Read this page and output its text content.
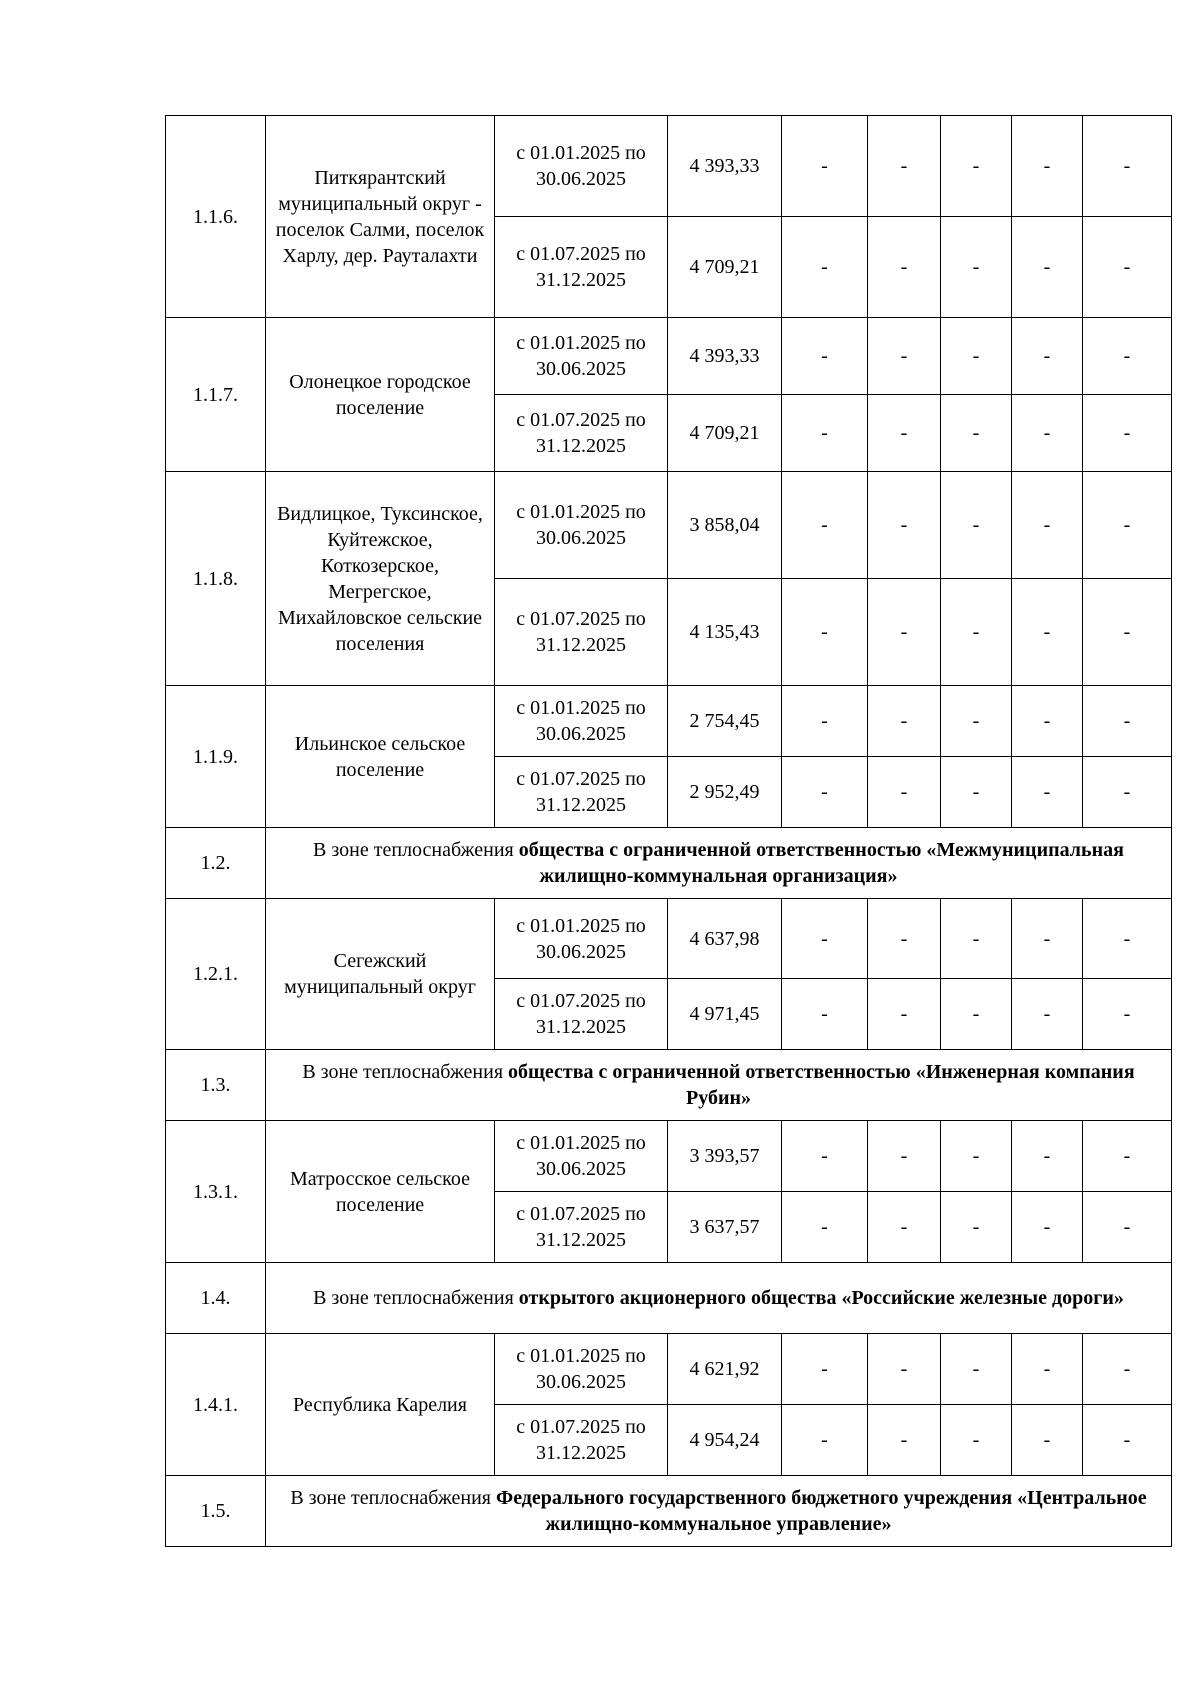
1.1.6.	Питкярантский муниципальный округ - поселок Салми, поселок Харлу, дер. Рауталахти	с 01.01.2025 по 30.06.2025	4 393,33	-	-	-	-	-
		с 01.07.2025 по 31.12.2025	4 709,21	-	-	-	-	-
1.1.7.	Олонецкое городское поселение	с 01.01.2025 по 30.06.2025	4 393,33	-	-	-	-	-
		с 01.07.2025 по 31.12.2025	4 709,21	-	-	-	-	-
1.1.8.	Видлицкое, Туксинское, Куйтежское, Коткозерское, Мегрегское, Михайловское сельские поселения	с 01.01.2025 по 30.06.2025	3 858,04	-	-	-	-	-
		с 01.07.2025 по 31.12.2025	4 135,43	-	-	-	-	-
1.1.9.	Ильинское сельское поселение	с 01.01.2025 по 30.06.2025	2 754,45	-	-	-	-	-
		с 01.07.2025 по 31.12.2025	2 952,49	-	-	-	-	-
1.2.	В зоне теплоснабжения общества с ограниченной ответственностью «Межмуниципальная жилищно-коммунальная организация»							
1.2.1.	Сегежский муниципальный округ	с 01.01.2025 по 30.06.2025	4 637,98	-	-	-	-	-
		с 01.07.2025 по 31.12.2025	4 971,45	-	-	-	-	-
1.3.	В зоне теплоснабжения общества с ограниченной ответственностью «Инженерная компания Рубин»							
1.3.1.	Матросское сельское поселение	с 01.01.2025 по 30.06.2025	3 393,57	-	-	-	-	-
		с 01.07.2025 по 31.12.2025	3 637,57	-	-	-	-	-
1.4.	В зоне теплоснабжения открытого акционерного общества «Российские железные дороги»							
1.4.1.	Республика Карелия	с 01.01.2025 по 30.06.2025	4 621,92	-	-	-	-	-
		с 01.07.2025 по 31.12.2025	4 954,24	-	-	-	-	-
1.5.	В зоне теплоснабжения Федерального государственного бюджетного учреждения «Центральное жилищно-коммунальное управление»							
